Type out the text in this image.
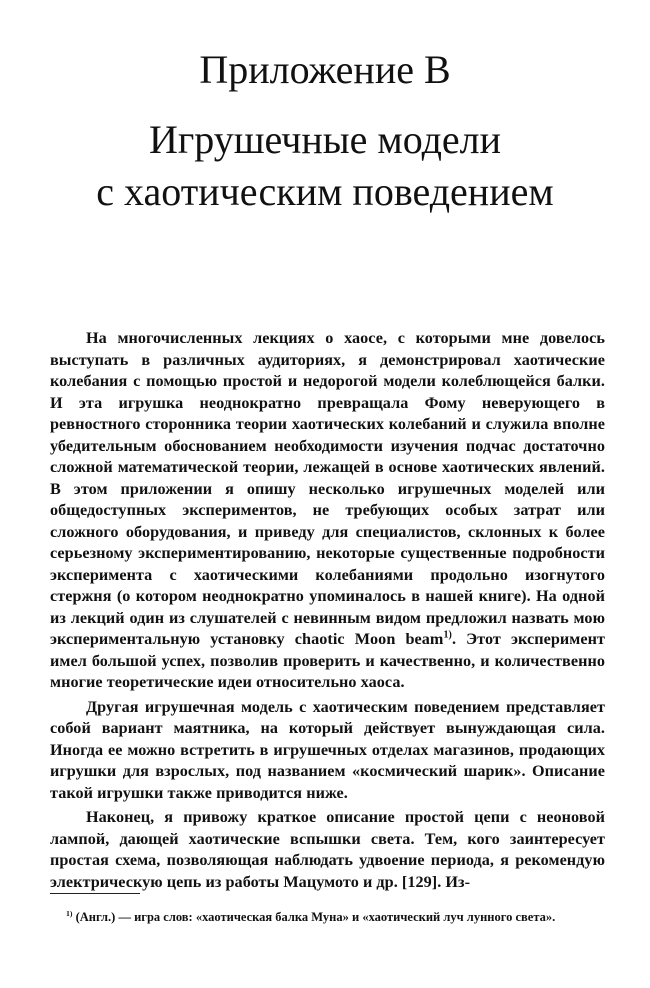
Приложение В
Игрушечные модели
с хаотическим поведением

На многочисленных лекциях о хаосе, с которыми мне довелось выступать в различных аудиториях, я демонстрировал хаотические колебания с помощью простой и недорогой модели колеблющейся балки. И эта игрушка неоднократно превращала Фому неверующего в ревностного сторонника теории хаотических колебаний и служила вполне убедительным обоснованием необходимости изучения подчас достаточно сложной математической теории, лежащей в основе хаотических явлений. В этом приложении я опишу несколько игрушечных моделей или общедоступных экспериментов, не требующих особых затрат или сложного оборудования, и приведу для специалистов, склонных к более серьезному экспериментированию, некоторые существенные подробности эксперимента с хаотическими колебаниями продольно изогнутого стержня (о котором неоднократно упоминалось в нашей книге). На одной из лекций один из слушателей с невинным видом предложил назвать мою экспериментальную установку chaotic Moon beam$^{1)}$. Этот эксперимент имел большой успех, позволив проверить и качественно, и количественно многие теоретические идеи относительно хаоса.

Другая игрушечная модель с хаотическим поведением представляет собой вариант маятника, на который действует вынуждающая сила. Иногда ее можно встретить в игрушечных отделах магазинов, продающих игрушки для взрослых, под названием «космический шарик». Описание такой игрушки также приводится ниже.

Наконец, я привожу краткое описание простой цепи с неоновой лампой, дающей хаотические вспышки света. Тем, кого заинтересует простая схема, позволяющая наблюдать удвоение периода, я рекомендую электрическую цепь из работы Мацумото и др. [129]. Из-

$^{1)}$ (Англ.) — игра слов: «хаотическая балка Муна» и «хаотический луч лунного света».
